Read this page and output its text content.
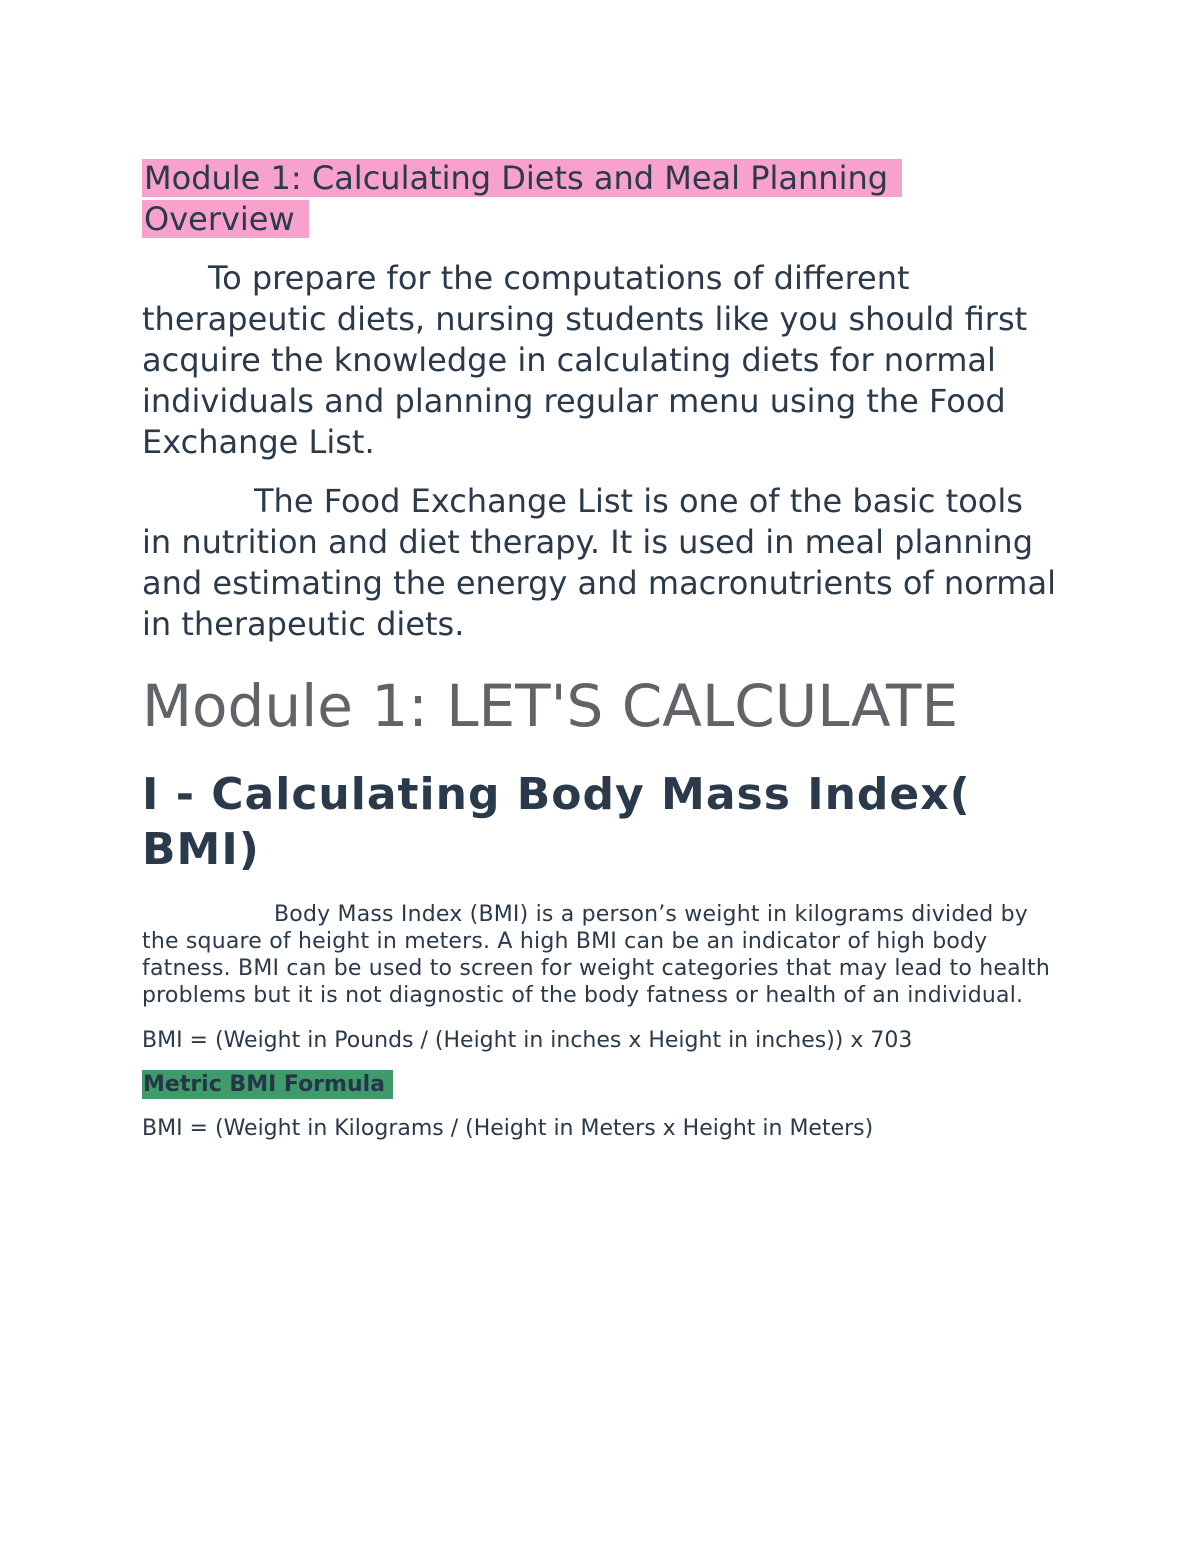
Module 1: Calculating Diets and Meal Planning Overview

To prepare for the computations of different therapeutic diets, nursing students like you should first acquire the knowledge in calculating diets for normal individuals and planning regular menu using the Food Exchange List.

The Food Exchange List is one of the basic tools in nutrition and diet therapy. It is used in meal planning and estimating the energy and macronutrients of normal in therapeutic diets.

Module 1: LET'S CALCULATE
I - Calculating Body Mass Index( BMI)

Body Mass Index (BMI) is a person’s weight in kilograms divided by the square of height in meters. A high BMI can be an indicator of high body fatness. BMI can be used to screen for weight categories that may lead to health problems but it is not diagnostic of the body fatness or health of an individual.

BMI = (Weight in Pounds / (Height in inches x Height in inches)) x 703

Metric BMI Formula

BMI = (Weight in Kilograms / (Height in Meters x Height in Meters)
